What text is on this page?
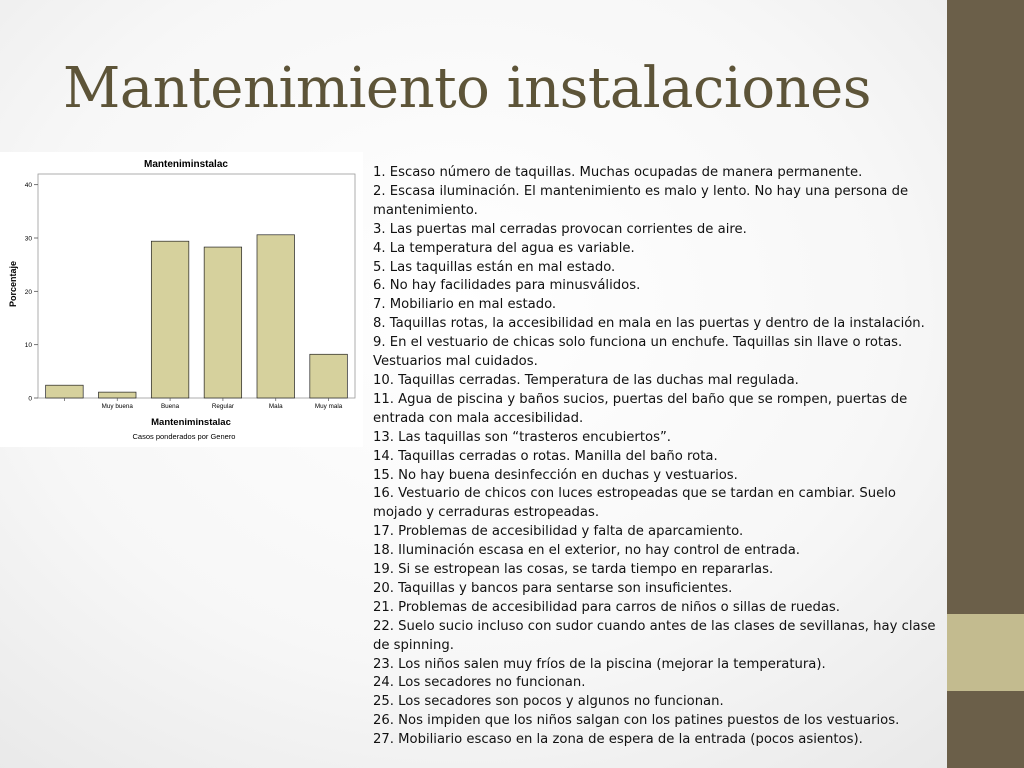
Mantenimiento instalaciones
Manteniminstalac
Porcentaje
Manteniminstalac
Casos ponderados por Genero
0
10
20
30
40
Muy buena	Buena	Regular	Mala	Muy mala
1. Escaso número de taquillas. Muchas ocupadas de manera permanente.
2. Escasa iluminación. El mantenimiento es malo y lento. No hay una persona de mantenimiento.
3. Las puertas mal cerradas provocan corrientes de aire.
4. La temperatura del agua es variable.
5. Las taquillas están en mal estado.
6. No hay facilidades para minusválidos.
7. Mobiliario en mal estado.
8. Taquillas rotas, la accesibilidad en mala en las puertas y dentro de la instalación.
9. En el vestuario de chicas solo funciona un enchufe. Taquillas sin llave o rotas. Vestuarios mal cuidados.
10. Taquillas cerradas. Temperatura de las duchas mal regulada.
11. Agua de piscina y baños sucios, puertas del baño que se rompen, puertas de entrada con mala accesibilidad.
13. Las taquillas son “trasteros encubiertos”.
14. Taquillas cerradas o rotas. Manilla del baño rota.
15. No hay buena desinfección en duchas y vestuarios.
16. Vestuario de chicos con luces estropeadas que se tardan en cambiar. Suelo mojado y cerraduras estropeadas.
17. Problemas de accesibilidad y falta de aparcamiento.
18. Iluminación escasa en el exterior, no hay control de entrada.
19. Si se estropean las cosas, se tarda tiempo en repararlas.
20. Taquillas y bancos para sentarse son insuficientes.
21. Problemas de accesibilidad para carros de niños o sillas de ruedas.
22. Suelo sucio incluso con sudor cuando antes de las clases de sevillanas, hay clase de spinning.
23. Los niños salen muy fríos de la piscina (mejorar la temperatura).
24. Los secadores no funcionan.
25. Los secadores son pocos y algunos no funcionan.
26. Nos impiden que los niños salgan con los patines puestos de los vestuarios.
27. Mobiliario escaso en la zona de espera de la entrada (pocos asientos).
